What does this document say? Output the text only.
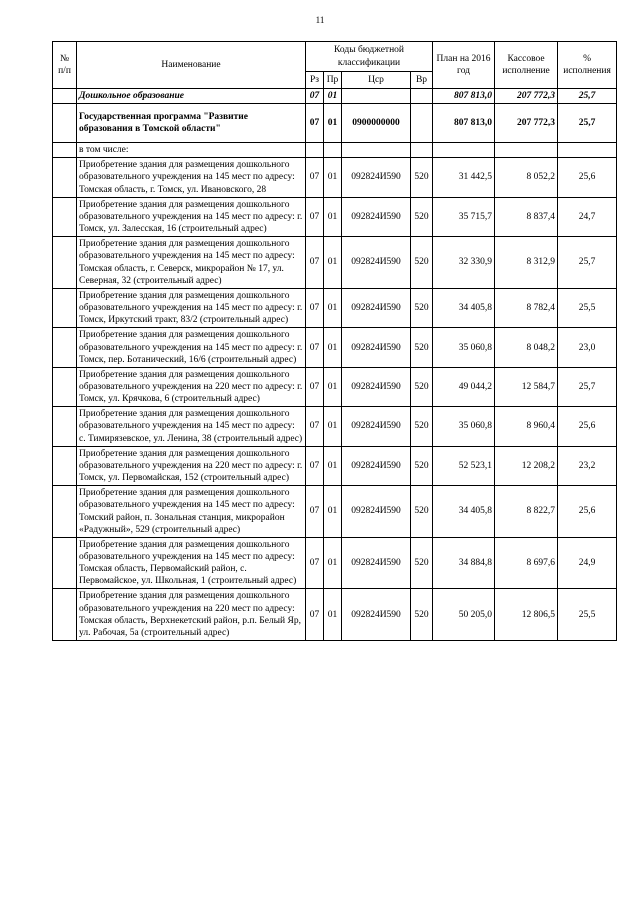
11
№ п/п	Наименование	Коды бюджетной классификации				План на 2016 год	Кассовое исполнение	% исполнения
		Рз	Пр	Цср	Вр			
	Дошкольное образование	07	01			807 813,0	207 772,3	25,7
	Государственная программа "Развитие образования в Томской области"	07	01	0900000000		807 813,0	207 772,3	25,7
	в том числе:							
	Приобретение здания для размещения дошкольного образовательного учреждения на 145 мест по адресу: Томская область, г. Томск, ул. Ивановского, 28	07	01	092824И590	520	31 442,5	8 052,2	25,6
	Приобретение здания для размещения дошкольного образовательного учреждения на 145 мест по адресу: г. Томск, ул. Залесская, 16 (строительный адрес)	07	01	092824И590	520	35 715,7	8 837,4	24,7
	Приобретение здания для размещения дошкольного образовательного учреждения на 145 мест по адресу: Томская область, г. Северск, микрорайон № 17, ул. Северная, 32 (строительный адрес)	07	01	092824И590	520	32 330,9	8 312,9	25,7
	Приобретение здания для размещения дошкольного образовательного учреждения на 145 мест по адресу: г. Томск, Иркутский тракт, 83/2 (строительный адрес)	07	01	092824И590	520	34 405,8	8 782,4	25,5
	Приобретение здания для размещения дошкольного образовательного учреждения на 145 мест по адресу: г. Томск, пер. Ботанический, 16/6 (строительный адрес)	07	01	092824И590	520	35 060,8	8 048,2	23,0
	Приобретение здания для размещения дошкольного образовательного учреждения на 220 мест по адресу: г. Томск, ул. Крячкова, 6 (строительный адрес)	07	01	092824И590	520	49 044,2	12 584,7	25,7
	Приобретение здания для размещения дошкольного образовательного учреждения на 145 мест по адресу: с. Тимирязевское, ул. Ленина, 38 (строительный адрес)	07	01	092824И590	520	35 060,8	8 960,4	25,6
	Приобретение здания для размещения дошкольного образовательного учреждения на 220 мест по адресу: г. Томск, ул. Первомайская, 152 (строительный адрес)	07	01	092824И590	520	52 523,1	12 208,2	23,2
	Приобретение здания для размещения дошкольного образовательного учреждения на 145 мест по адресу: Томский район, п. Зональная станция, микрорайон «Радужный», 529 (строительный адрес)	07	01	092824И590	520	34 405,8	8 822,7	25,6
	Приобретение здания для размещения дошкольного образовательного учреждения на 145 мест по адресу: Томская область, Первомайский район, с. Первомайское, ул. Школьная, 1 (строительный адрес)	07	01	092824И590	520	34 884,8	8 697,6	24,9
	Приобретение здания для размещения дошкольного образовательного учреждения на 220 мест по адресу: Томская область, Верхнекетский район, р.п. Белый Яр, ул. Рабочая, 5а (строительный адрес)	07	01	092824И590	520	50 205,0	12 806,5	25,5
